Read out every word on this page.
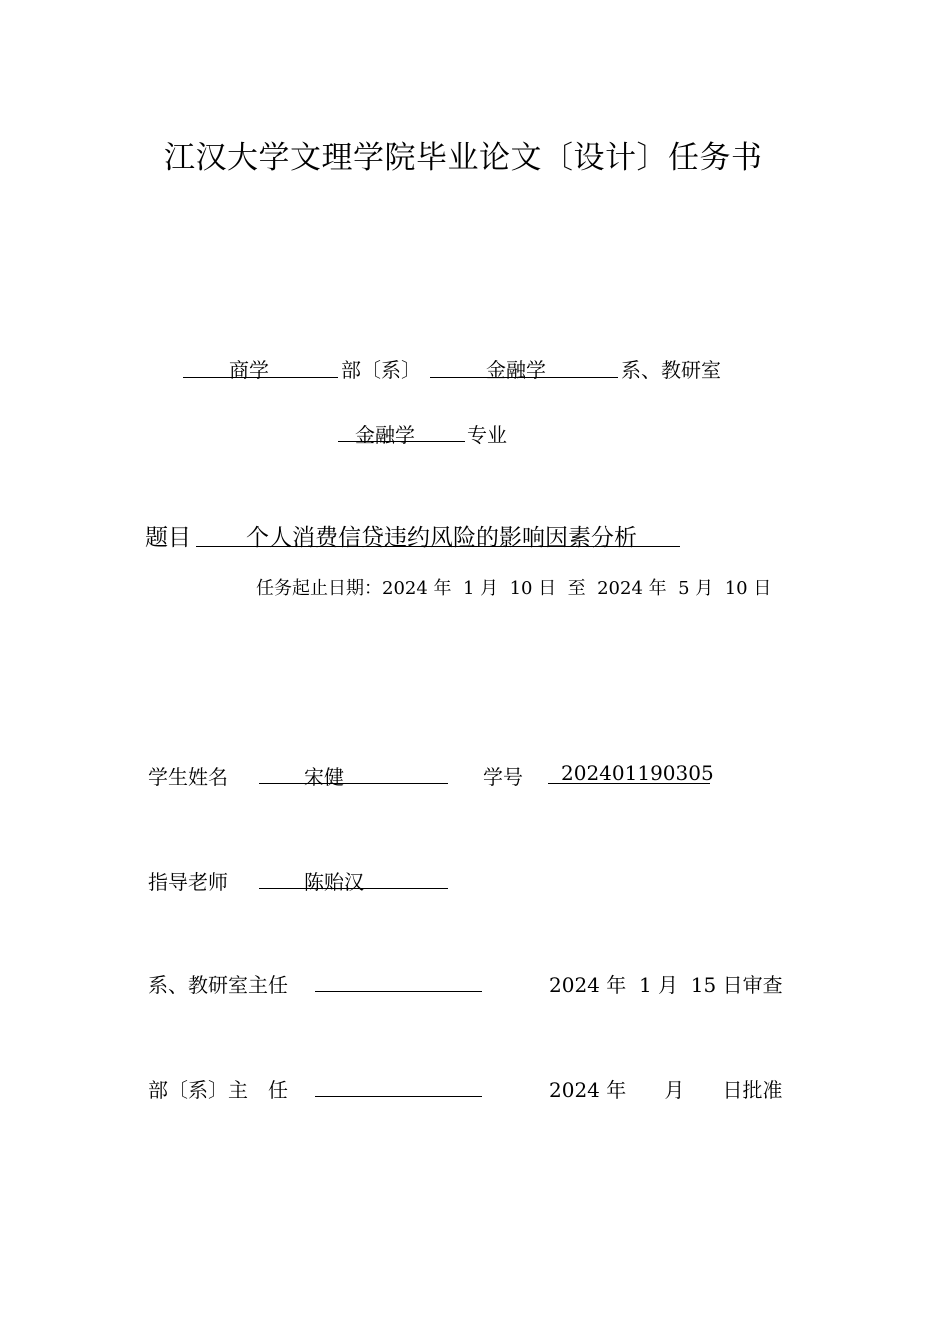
江汉大学文理学院毕业论文〔设计〕任务书
商学	部〔系〕	金融学	系、教研室
金融学	专业
题目 个人消费信贷违约风险的影响因素分析
任务起止日期：2024 年  1 月  10 日  至  2024 年  5 月  10 日
学生姓名	宋健	学号 202401190305
指导老师	陈贻汉
系、教研室主任	2024 年  1 月  15 日审查
部〔系〕主　任	2024 年      月      日批准
